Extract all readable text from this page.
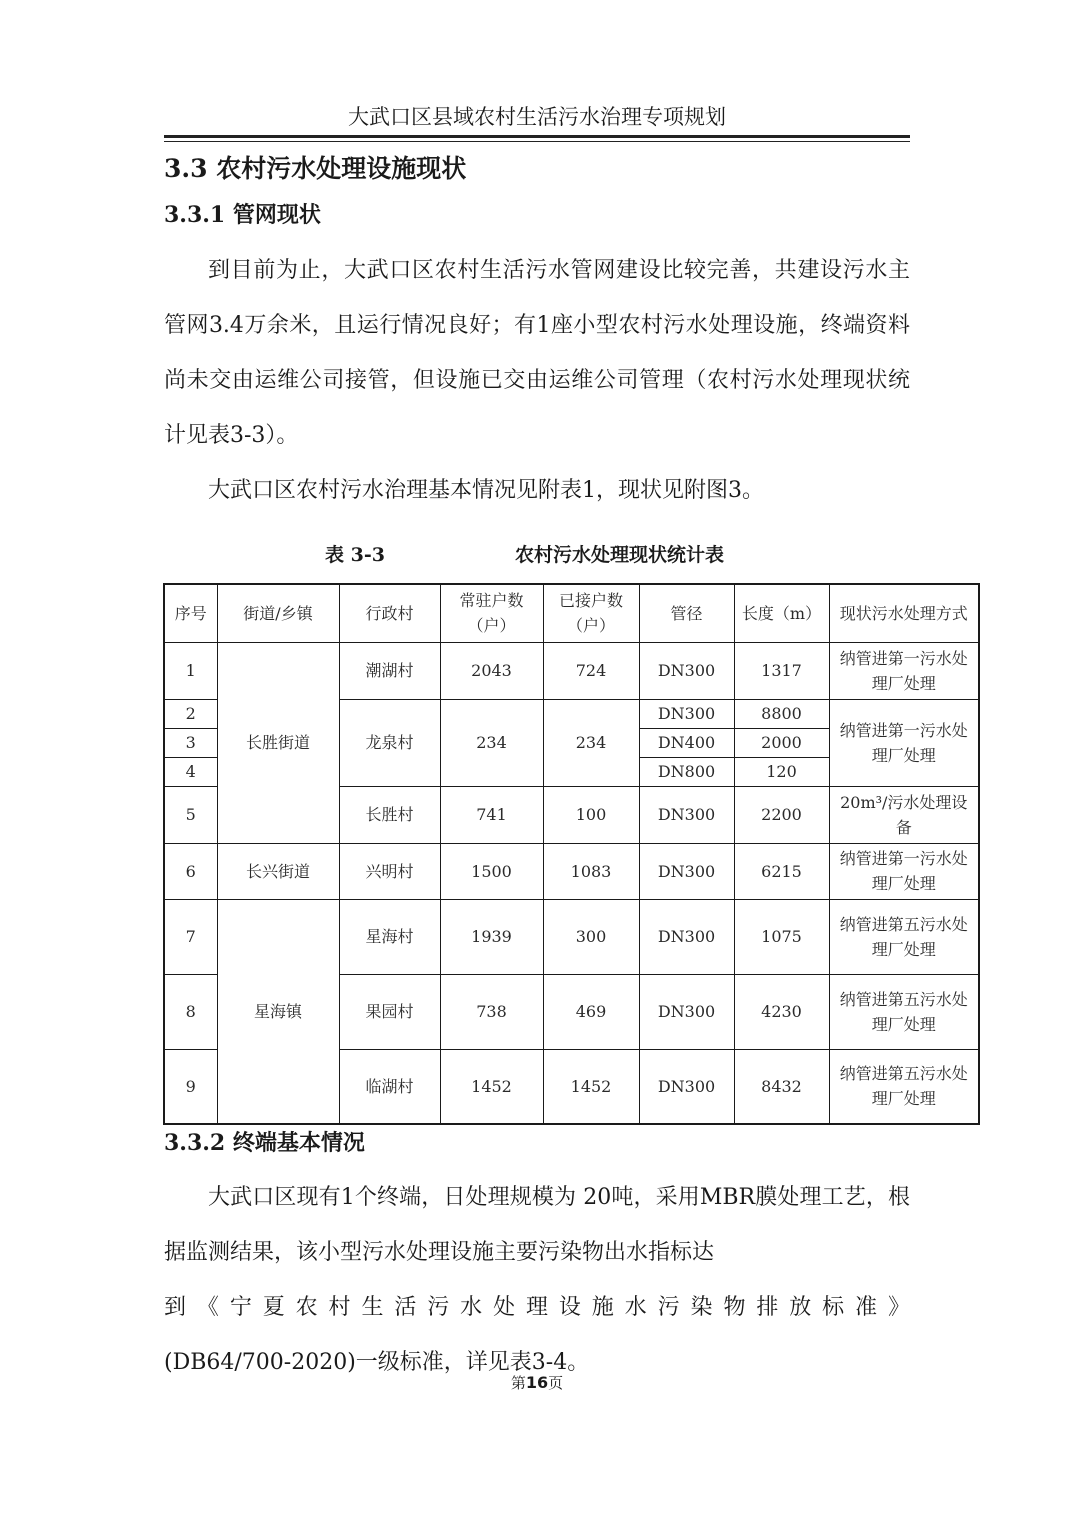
大武口区县域农村生活污水治理专项规划
3.3 农村污水处理设施现状
3.3.1 管网现状

到目前为止，大武口区农村生活污水管网建设比较完善，共建设污水主管网3.4万余米，且运行情况良好；有1座小型农村污水处理设施，终端资料尚未交由运维公司接管，但设施已交由运维公司管理（农村污水处理现状统计见表3-3）。

大武口区农村污水治理基本情况见附表1，现状见附图3。

表 3-3	农村污水处理现状统计表
序号	街道/乡镇	行政村	常驻户数（户）	已接户数（户）	管径	长度（m）	现状污水处理方式
1	长胜街道	潮湖村	2043	724	DN300	1317	纳管进第一污水处理厂处理
2		龙泉村	234	234	DN300	8800	纳管进第一污水处理厂处理
3					DN400	2000	
4					DN800	120	
5		长胜村	741	100	DN300	2200	20m³/污水处理设备
6	长兴街道	兴明村	1500	1083	DN300	6215	纳管进第一污水处理厂处理
7	星海镇	星海村	1939	300	DN300	1075	纳管进第五污水处理厂处理
8		果园村	738	469	DN300	4230	纳管进第五污水处理厂处理
9		临湖村	1452	1452	DN300	8432	纳管进第五污水处理厂处理
3.3.2 终端基本情况

大武口区现有1个终端，日处理规模为 20吨，采用MBR膜处理工艺，根据监测结果，该小型污水处理设施主要污染物出水指标达

到《宁夏农村生活污水处理设施水污染物排放标准》

(DB64/700-2020)一级标准，详见表3-4。

第16页
